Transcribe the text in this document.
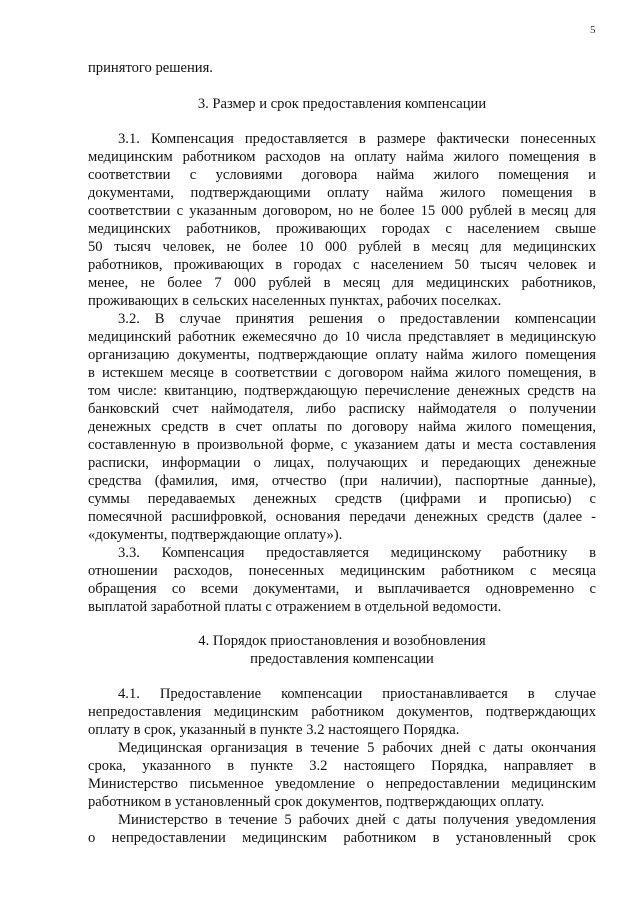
5
принятого решения.
3. Размер и срок предоставления компенсации
3.1. Компенсация предоставляется в размере фактически понесенных
медицинским работником расходов на оплату найма жилого помещения в
соответствии с условиями договора найма жилого помещения и
документами, подтверждающими оплату найма жилого помещения в
соответствии с указанным договором, но не более 15 000 рублей в месяц для
медицинских работников, проживающих городах с населением свыше
50 тысяч человек, не более 10 000 рублей в месяц для медицинских
работников, проживающих в городах с населением 50 тысяч человек и
менее, не более 7 000 рублей в месяц для медицинских работников,
проживающих в сельских населенных пунктах, рабочих поселках.
3.2. В случае принятия решения о предоставлении компенсации
медицинский работник ежемесячно до 10 числа представляет в медицинскую
организацию документы, подтверждающие оплату найма жилого помещения
в истекшем месяце в соответствии с договором найма жилого помещения, в
том числе: квитанцию, подтверждающую перечисление денежных средств на
банковский счет наймодателя, либо расписку наймодателя о получении
денежных средств в счет оплаты по договору найма жилого помещения,
составленную в произвольной форме, с указанием даты и места составления
расписки, информации о лицах, получающих и передающих денежные
средства (фамилия, имя, отчество (при наличии), паспортные данные),
суммы передаваемых денежных средств (цифрами и прописью) с
помесячной расшифровкой, основания передачи денежных средств (далее -
«документы, подтверждающие оплату»).
3.3. Компенсация предоставляется медицинскому работнику в
отношении расходов, понесенных медицинским работником с месяца
обращения со всеми документами, и выплачивается одновременно с
выплатой заработной платы с отражением в отдельной ведомости.
4. Порядок приостановления и возобновления
предоставления компенсации
4.1. Предоставление компенсации приостанавливается в случае
непредоставления медицинским работником документов, подтверждающих
оплату в срок, указанный в пункте 3.2 настоящего Порядка.
Медицинская организация в течение 5 рабочих дней с даты окончания
срока, указанного в пункте 3.2 настоящего Порядка, направляет в
Министерство письменное уведомление о непредоставлении медицинским
работником в установленный срок документов, подтверждающих оплату.
Министерство в течение 5 рабочих дней с даты получения уведомления
о непредоставлении медицинским работником в установленный срок
